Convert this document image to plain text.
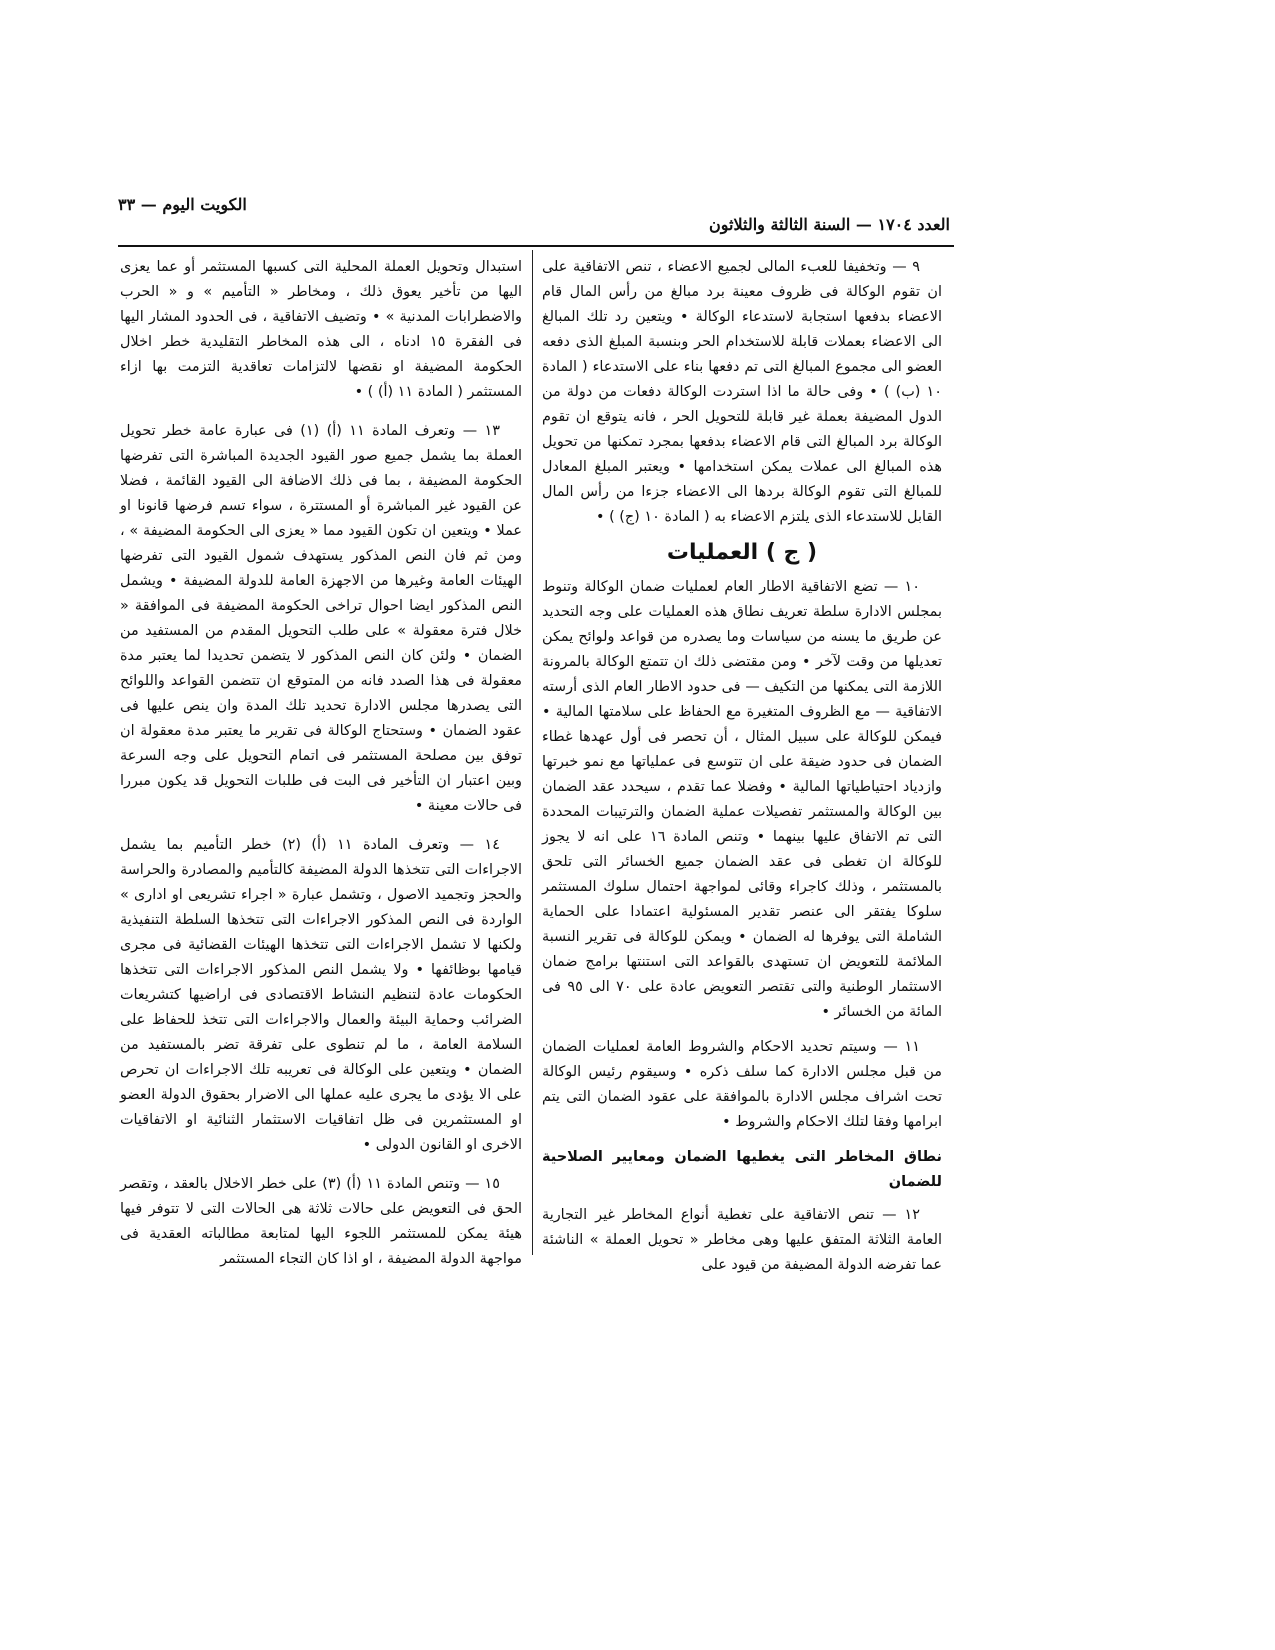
الكويت اليوم — ٣٣
العدد ١٧٠٤ — السنة الثالثة والثلاثون

٩ — وتخفيفا للعبء المالى لجميع الاعضاء ، تنص الاتفاقية على ان تقوم الوكالة فى ظروف معينة برد مبالغ من رأس المال قام الاعضاء بدفعها استجابة لاستدعاء الوكالة • ويتعين رد تلك المبالغ الى الاعضاء بعملات قابلة للاستخدام الحر وبنسبة المبلغ الذى دفعه العضو الى مجموع المبالغ التى تم دفعها بناء على الاستدعاء ( المادة ١٠ (ب) ) • وفى حالة ما اذا استردت الوكالة دفعات من دولة من الدول المضيفة بعملة غير قابلة للتحويل الحر ، فانه يتوقع ان تقوم الوكالة برد المبالغ التى قام الاعضاء بدفعها بمجرد تمكنها من تحويل هذه المبالغ الى عملات يمكن استخدامها • ويعتبر المبلغ المعادل للمبالغ التى تقوم الوكالة بردها الى الاعضاء جزءا من رأس المال القابل للاستدعاء الذى يلتزم الاعضاء به ( المادة ١٠ (ج) ) •

( ج ) العمليات

١٠ — تضع الاتفاقية الاطار العام لعمليات ضمان الوكالة وتنوط بمجلس الادارة سلطة تعريف نطاق هذه العمليات على وجه التحديد عن طريق ما يسنه من سياسات وما يصدره من قواعد ولوائح يمكن تعديلها من وقت لآخر • ومن مقتضى ذلك ان تتمتع الوكالة بالمرونة اللازمة التى يمكنها من التكيف — فى حدود الاطار العام الذى أرسته الاتفاقية — مع الظروف المتغيرة مع الحفاظ على سلامتها المالية • فيمكن للوكالة على سبيل المثال ، أن تحصر فى أول عهدها غطاء الضمان فى حدود ضيقة على ان تتوسع فى عملياتها مع نمو خبرتها وازدياد احتياطياتها المالية • وفضلا عما تقدم ، سيحدد عقد الضمان بين الوكالة والمستثمر تفصيلات عملية الضمان والترتيبات المحددة التى تم الاتفاق عليها بينهما • وتنص المادة ١٦ على انه لا يجوز للوكالة ان تغطى فى عقد الضمان جميع الخسائر التى تلحق بالمستثمر ، وذلك كاجراء وقائى لمواجهة احتمال سلوك المستثمر سلوكا يفتقر الى عنصر تقدير المسئولية اعتمادا على الحماية الشاملة التى يوفرها له الضمان • ويمكن للوكالة فى تقرير النسبة الملائمة للتعويض ان تستهدى بالقواعد التى استنتها برامج ضمان الاستثمار الوطنية والتى تقتصر التعويض عادة على ٧٠ الى ٩٥ فى المائة من الخسائر •

١١ — وسيتم تحديد الاحكام والشروط العامة لعمليات الضمان من قبل مجلس الادارة كما سلف ذكره • وسيقوم رئيس الوكالة تحت اشراف مجلس الادارة بالموافقة على عقود الضمان التى يتم ابرامها وفقا لتلك الاحكام والشروط •

نطاق المخاطر التى يغطيها الضمان ومعايير الصلاحية للضمان

١٢ — تنص الاتفاقية على تغطية أنواع المخاطر غير التجارية العامة الثلاثة المتفق عليها وهى مخاطر « تحويل العملة » الناشئة عما تفرضه الدولة المضيفة من قيود على

استبدال وتحويل العملة المحلية التى كسبها المستثمر أو عما يعزى اليها من تأخير يعوق ذلك ، ومخاطر « التأميم » و « الحرب والاضطرابات المدنية » • وتضيف الاتفاقية ، فى الحدود المشار اليها فى الفقرة ١٥ ادناه ، الى هذه المخاطر التقليدية خطر اخلال الحكومة المضيفة او نقضها لالتزامات تعاقدية التزمت بها ازاء المستثمر ( المادة ١١ (أ) ) •

١٣ — وتعرف المادة ١١ (أ) (١) فى عبارة عامة خطر تحويل العملة بما يشمل جميع صور القيود الجديدة المباشرة التى تفرضها الحكومة المضيفة ، بما فى ذلك الاضافة الى القيود القائمة ، فضلا عن القيود غير المباشرة أو المستترة ، سواء تسم فرضها قانونا او عملا • ويتعين ان تكون القيود مما « يعزى الى الحكومة المضيفة » ، ومن ثم فان النص المذكور يستهدف شمول القيود التى تفرضها الهيئات العامة وغيرها من الاجهزة العامة للدولة المضيفة • ويشمل النص المذكور ايضا احوال تراخى الحكومة المضيفة فى الموافقة « خلال فترة معقولة » على طلب التحويل المقدم من المستفيد من الضمان • ولئن كان النص المذكور لا يتضمن تحديدا لما يعتبر مدة معقولة فى هذا الصدد فانه من المتوقع ان تتضمن القواعد واللوائح التى يصدرها مجلس الادارة تحديد تلك المدة وان ينص عليها فى عقود الضمان • وستحتاج الوكالة فى تقرير ما يعتبر مدة معقولة ان توفق بين مصلحة المستثمر فى اتمام التحويل على وجه السرعة وبين اعتبار ان التأخير فى البت فى طلبات التحويل قد يكون مبررا فى حالات معينة •

١٤ — وتعرف المادة ١١ (أ) (٢) خطر التأميم بما يشمل الاجراءات التى تتخذها الدولة المضيفة كالتأميم والمصادرة والحراسة والحجز وتجميد الاصول ، وتشمل عبارة « اجراء تشريعى او ادارى » الواردة فى النص المذكور الاجراءات التى تتخذها السلطة التنفيذية ولكنها لا تشمل الاجراءات التى تتخذها الهيئات القضائية فى مجرى قيامها بوظائفها • ولا يشمل النص المذكور الاجراءات التى تتخذها الحكومات عادة لتنظيم النشاط الاقتصادى فى اراضيها كتشريعات الضرائب وحماية البيئة والعمال والاجراءات التى تتخذ للحفاظ على السلامة العامة ، ما لم تنطوى على تفرقة تضر بالمستفيد من الضمان • ويتعين على الوكالة فى تعريبه تلك الاجراءات ان تحرص على الا يؤدى ما يجرى عليه عملها الى الاضرار بحقوق الدولة العضو او المستثمرين فى ظل اتفاقيات الاستثمار الثنائية او الاتفاقيات الاخرى او القانون الدولى •

١٥ — وتنص المادة ١١ (أ) (٣) على خطر الاخلال بالعقد ، وتقصر الحق فى التعويض على حالات ثلاثة هى الحالات التى لا تتوفر فيها هيئة يمكن للمستثمر اللجوء اليها لمتابعة مطالباته العقدية فى مواجهة الدولة المضيفة ، او اذا كان التجاء المستثمر
